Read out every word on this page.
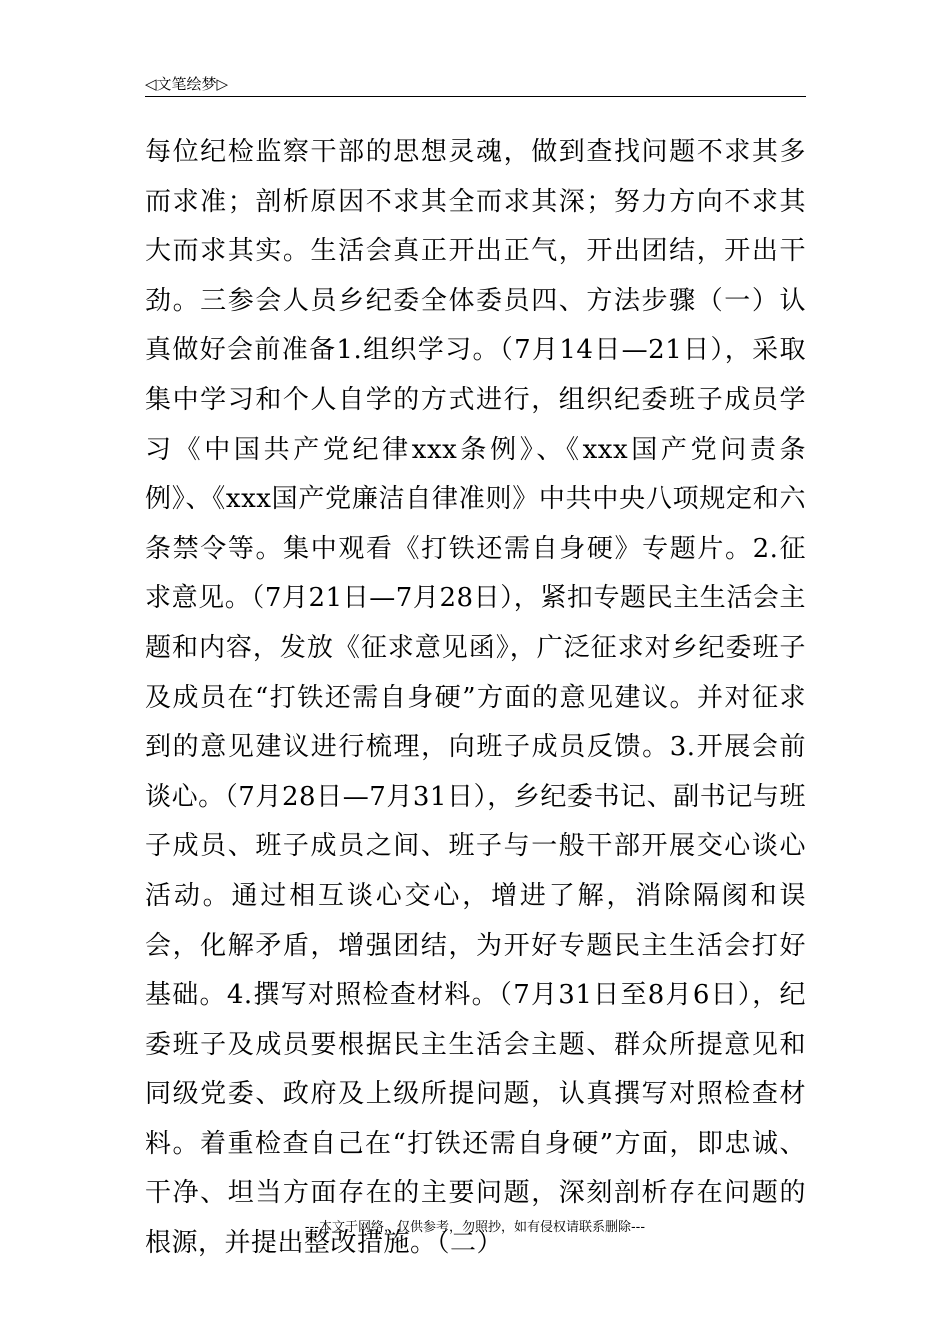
◁文笔绘梦▷

每位纪检监察干部的思想灵魂，做到查找问题不求其多而求准；剖析原因不求其全而求其深；努力方向不求其大而求其实。生活会真正开出正气，开出团结，开出干劲。三参会人员乡纪委全体委员四、方法步骤（一）认真做好会前准备1.组织学习。（7月14日—21日），采取集中学习和个人自学的方式进行，组织纪委班子成员学习《中国共产党纪律xxx条例》、《xxx国产党问责条例》、《xxx国产党廉洁自律准则》中共中央八项规定和六条禁令等。集中观看《打铁还需自身硬》专题片。2.征求意见。（7月21日—7月28日），紧扣专题民主生活会主题和内容，发放《征求意见函》，广泛征求对乡纪委班子及成员在“打铁还需自身硬”方面的意见建议。并对征求到的意见建议进行梳理，向班子成员反馈。3.开展会前谈心。（7月28日—7月31日），乡纪委书记、副书记与班子成员、班子成员之间、班子与一般干部开展交心谈心活动。通过相互谈心交心，增进了解，消除隔阂和误会，化解矛盾，增强团结，为开好专题民主生活会打好基础。4.撰写对照检查材料。（7月31日至8月6日），纪委班子及成员要根据民主生活会主题、群众所提意见和同级党委、政府及上级所提问题，认真撰写对照检查材料。着重检查自己在“打铁还需自身硬”方面，即忠诚、干净、坦当方面存在的主要问题，深刻剖析存在问题的根源，并提出整改措施。（二）

---本文于网络，仅供参考，勿照抄，如有侵权请联系删除---
